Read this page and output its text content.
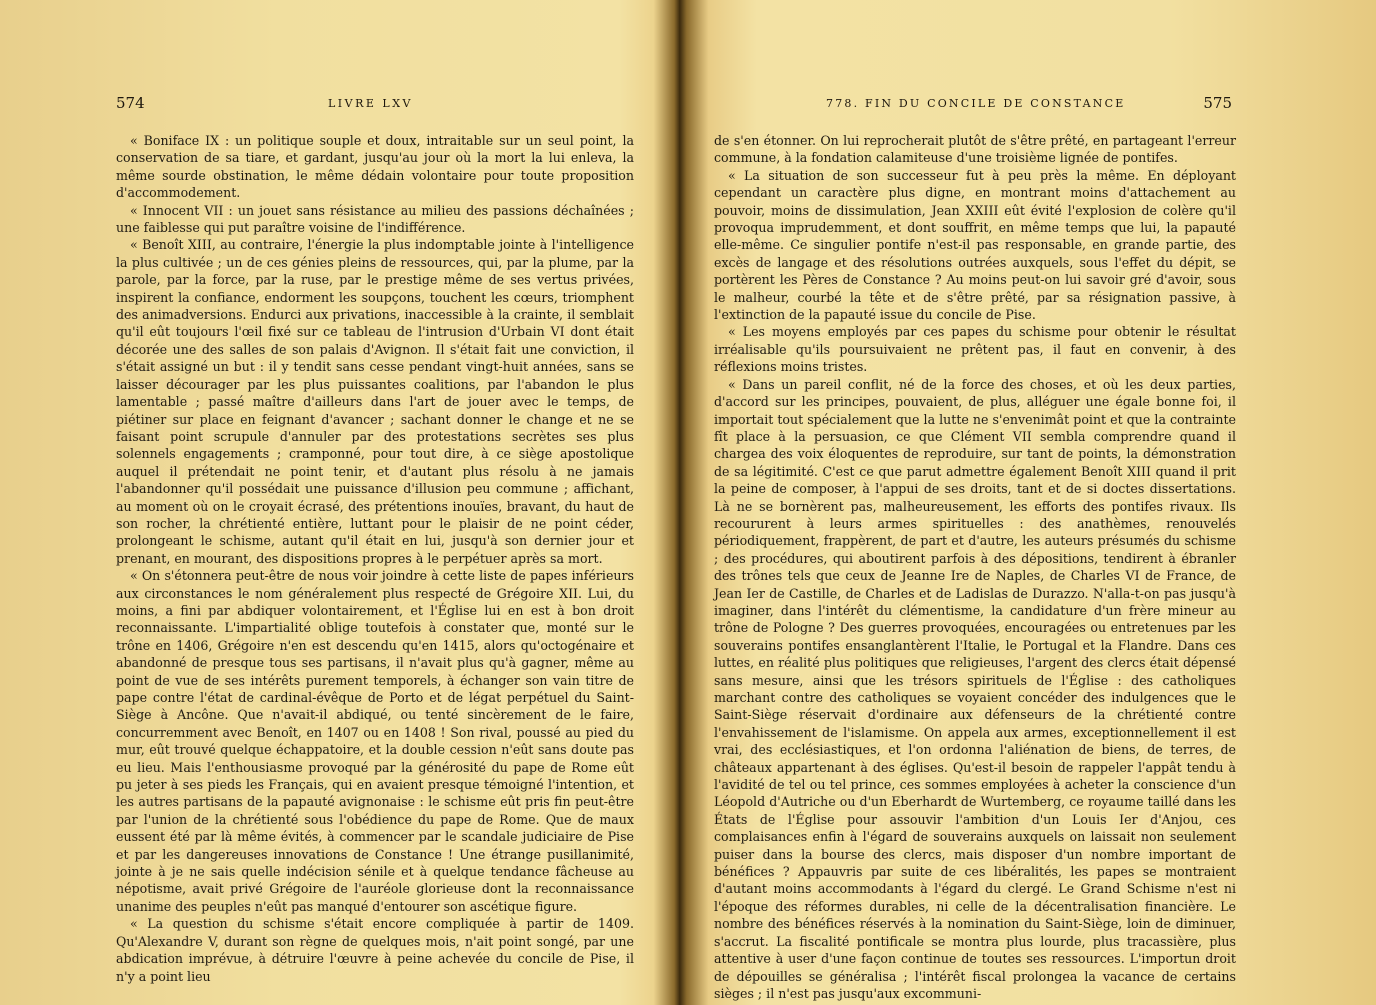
574	LIVRE LXV

« Boniface IX : un politique souple et doux, intraitable sur un seul point, la conservation de sa tiare, et gardant, jusqu'au jour où la mort la lui enleva, la même sourde obstination, le même dédain volontaire pour toute proposition d'accommodement.

« Innocent VII : un jouet sans résistance au milieu des passions déchaînées ; une faiblesse qui put paraître voisine de l'indifférence.

« Benoît XIII, au contraire, l'énergie la plus indomptable jointe à l'intelligence la plus cultivée ; un de ces génies pleins de ressources, qui, par la plume, par la parole, par la force, par la ruse, par le prestige même de ses vertus privées, inspirent la confiance, endorment les soupçons, touchent les cœurs, triomphent des animadversions. Endurci aux privations, inaccessible à la crainte, il semblait qu'il eût toujours l'œil fixé sur ce tableau de l'intrusion d'Urbain VI dont était décorée une des salles de son palais d'Avignon. Il s'était fait une conviction, il s'était assigné un but : il y tendit sans cesse pendant vingt-huit années, sans se laisser décourager par les plus puissantes coalitions, par l'abandon le plus lamentable ; passé maître d'ailleurs dans l'art de jouer avec le temps, de piétiner sur place en feignant d'avancer ; sachant donner le change et ne se faisant point scrupule d'annuler par des protestations secrètes ses plus solennels engagements ; cramponné, pour tout dire, à ce siège apostolique auquel il prétendait ne point tenir, et d'autant plus résolu à ne jamais l'abandonner qu'il possédait une puissance d'illusion peu commune ; affichant, au moment où on le croyait écrasé, des prétentions inouïes, bravant, du haut de son rocher, la chrétienté entière, luttant pour le plaisir de ne point céder, prolongeant le schisme, autant qu'il était en lui, jusqu'à son dernier jour et prenant, en mourant, des dispositions propres à le perpétuer après sa mort.

« On s'étonnera peut-être de nous voir joindre à cette liste de papes inférieurs aux circonstances le nom généralement plus respecté de Grégoire XII. Lui, du moins, a fini par abdiquer volontairement, et l'Église lui en est à bon droit reconnaissante. L'impartialité oblige toutefois à constater que, monté sur le trône en 1406, Grégoire n'en est descendu qu'en 1415, alors qu'octogénaire et abandonné de presque tous ses partisans, il n'avait plus qu'à gagner, même au point de vue de ses intérêts purement temporels, à échanger son vain titre de pape contre l'état de cardinal-évêque de Porto et de légat perpétuel du Saint-Siège à Ancône. Que n'avait-il abdiqué, ou tenté sincèrement de le faire, concurremment avec Benoît, en 1407 ou en 1408 ! Son rival, poussé au pied du mur, eût trouvé quelque échappatoire, et la double cession n'eût sans doute pas eu lieu. Mais l'enthousiasme provoqué par la générosité du pape de Rome eût pu jeter à ses pieds les Français, qui en avaient presque témoigné l'intention, et les autres partisans de la papauté avignonaise : le schisme eût pris fin peut-être par l'union de la chrétienté sous l'obédience du pape de Rome. Que de maux eussent été par là même évités, à commencer par le scandale judiciaire de Pise et par les dangereuses innovations de Constance ! Une étrange pusillanimité, jointe à je ne sais quelle indécision sénile et à quelque tendance fâcheuse au népotisme, avait privé Grégoire de l'auréole glorieuse dont la reconnaissance unanime des peuples n'eût pas manqué d'entourer son ascétique figure.

« La question du schisme s'était encore compliquée à partir de 1409. Qu'Alexandre V, durant son règne de quelques mois, n'ait point songé, par une abdication imprévue, à détruire l'œuvre à peine achevée du concile de Pise, il n'y a point lieu

778. FIN DU CONCILE DE CONSTANCE	575

de s'en étonner. On lui reprocherait plutôt de s'être prêté, en partageant l'erreur commune, à la fondation calamiteuse d'une troisième lignée de pontifes.

« La situation de son successeur fut à peu près la même. En déployant cependant un caractère plus digne, en montrant moins d'attachement au pouvoir, moins de dissimulation, Jean XXIII eût évité l'explosion de colère qu'il provoqua imprudemment, et dont souffrit, en même temps que lui, la papauté elle-même. Ce singulier pontife n'est-il pas responsable, en grande partie, des excès de langage et des résolutions outrées auxquels, sous l'effet du dépit, se portèrent les Pères de Constance ? Au moins peut-on lui savoir gré d'avoir, sous le malheur, courbé la tête et de s'être prêté, par sa résignation passive, à l'extinction de la papauté issue du concile de Pise.

« Les moyens employés par ces papes du schisme pour obtenir le résultat irréalisable qu'ils poursuivaient ne prêtent pas, il faut en convenir, à des réflexions moins tristes.

« Dans un pareil conflit, né de la force des choses, et où les deux parties, d'accord sur les principes, pouvaient, de plus, alléguer une égale bonne foi, il importait tout spécialement que la lutte ne s'envenimât point et que la contrainte fît place à la persuasion, ce que Clément VII sembla comprendre quand il chargea des voix éloquentes de reproduire, sur tant de points, la démonstration de sa légitimité. C'est ce que parut admettre également Benoît XIII quand il prit la peine de composer, à l'appui de ses droits, tant et de si doctes dissertations. Là ne se bornèrent pas, malheureusement, les efforts des pontifes rivaux. Ils recoururent à leurs armes spirituelles : des anathèmes, renouvelés périodiquement, frappèrent, de part et d'autre, les auteurs présumés du schisme ; des procédures, qui aboutirent parfois à des dépositions, tendirent à ébranler des trônes tels que ceux de Jeanne Ire de Naples, de Charles VI de France, de Jean Ier de Castille, de Charles et de Ladislas de Durazzo. N'alla-t-on pas jusqu'à imaginer, dans l'intérêt du clémentisme, la candidature d'un frère mineur au trône de Pologne ? Des guerres provoquées, encouragées ou entretenues par les souverains pontifes ensanglantèrent l'Italie, le Portugal et la Flandre. Dans ces luttes, en réalité plus politiques que religieuses, l'argent des clercs était dépensé sans mesure, ainsi que les trésors spirituels de l'Église : des catholiques marchant contre des catholiques se voyaient concéder des indulgences que le Saint-Siège réservait d'ordinaire aux défenseurs de la chrétienté contre l'envahissement de l'islamisme. On appela aux armes, exceptionnellement il est vrai, des ecclésiastiques, et l'on ordonna l'aliénation de biens, de terres, de châteaux appartenant à des églises. Qu'est-il besoin de rappeler l'appât tendu à l'avidité de tel ou tel prince, ces sommes employées à acheter la conscience d'un Léopold d'Autriche ou d'un Eberhardt de Wurtemberg, ce royaume taillé dans les États de l'Église pour assouvir l'ambition d'un Louis Ier d'Anjou, ces complaisances enfin à l'égard de souverains auxquels on laissait non seulement puiser dans la bourse des clercs, mais disposer d'un nombre important de bénéfices ? Appauvris par suite de ces libéralités, les papes se montraient d'autant moins accommodants à l'égard du clergé. Le Grand Schisme n'est ni l'époque des réformes durables, ni celle de la décentralisation financière. Le nombre des bénéfices réservés à la nomination du Saint-Siège, loin de diminuer, s'accrut. La fiscalité pontificale se montra plus lourde, plus tracassière, plus attentive à user d'une façon continue de toutes ses ressources. L'importun droit de dépouilles se généralisa ; l'intérêt fiscal prolongea la vacance de certains sièges ; il n'est pas jusqu'aux excommuni-
